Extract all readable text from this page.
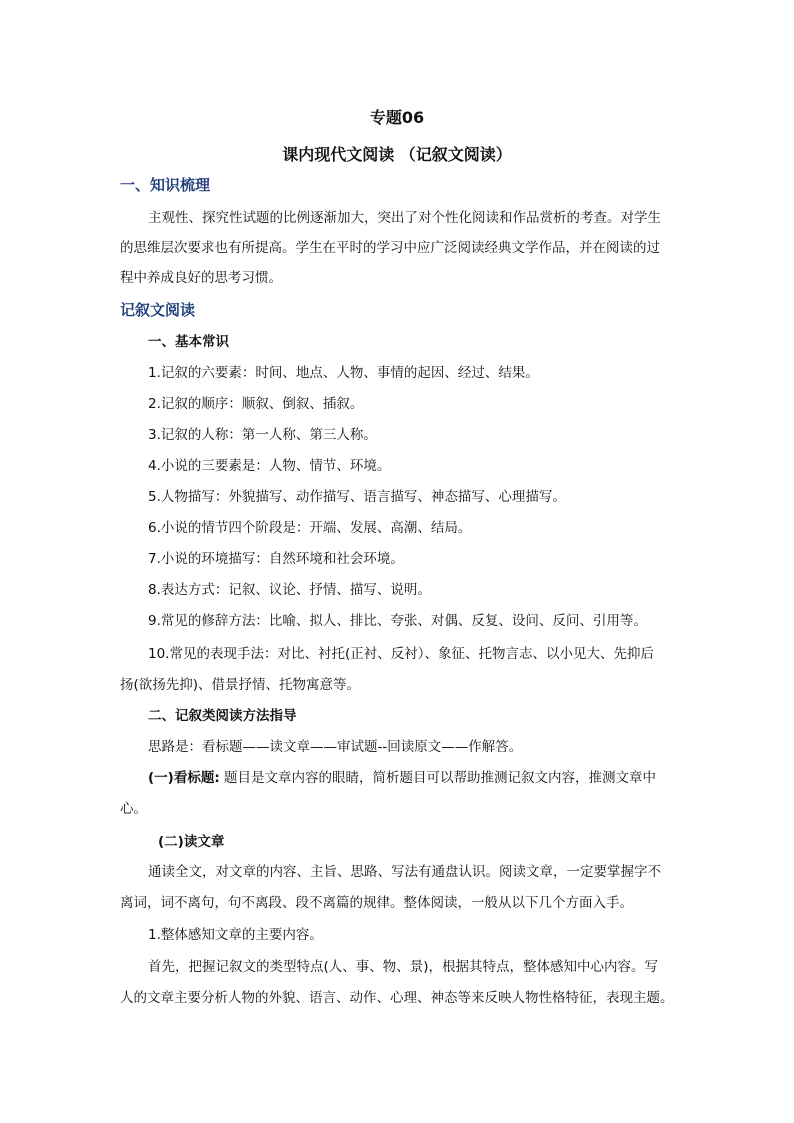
专题06
课内现代文阅读 （记叙文阅读）
一、知识梳理
主观性、探究性试题的比例逐渐加大，突出了对个性化阅读和作品赏析的考查。对学生
的思维层次要求也有所提高。学生在平时的学习中应广泛阅读经典文学作品，并在阅读的过
程中养成良好的思考习惯。
记叙文阅读
一、基本常识
1.记叙的六要素：时间、地点、人物、事情的起因、经过、结果。
2.记叙的顺序：顺叙、倒叙、插叙。
3.记叙的人称：第一人称、第三人称。
4.小说的三要素是：人物、情节、环境。
5.人物描写：外貌描写、动作描写、语言描写、神态描写、心理描写。
6.小说的情节四个阶段是：开端、发展、高潮、结局。
7.小说的环境描写：自然环境和社会环境。
8.表达方式：记叙、议论、抒情、描写、说明。
9.常见的修辞方法：比喻、拟人、排比、夸张、对偶、反复、设问、反问、引用等。
10.常见的表现手法：对比、衬托(正衬、反衬）、象征、托物言志、以小见大、先抑后
扬(欲扬先抑)、借景抒情、托物寓意等。
二、记叙类阅读方法指导
思路是：看标题——读文章——审试题--回读原文——作解答。
(一)看标题: 题目是文章内容的眼睛，简析题目可以帮助推测记叙文内容，推测文章中
心。
(二)读文章
通读全文，对文章的内容、主旨、思路、写法有通盘认识。阅读文章，一定要掌握字不
离词，词不离句，句不离段、段不离篇的规律。整体阅读，一般从以下几个方面入手。
1.整体感知文章的主要内容。
首先，把握记叙文的类型特点(人、事、物、景)，根据其特点，整体感知中心内容。写
人的文章主要分析人物的外貌、语言、动作、心理、神态等来反映人物性格特征，表现主题。
